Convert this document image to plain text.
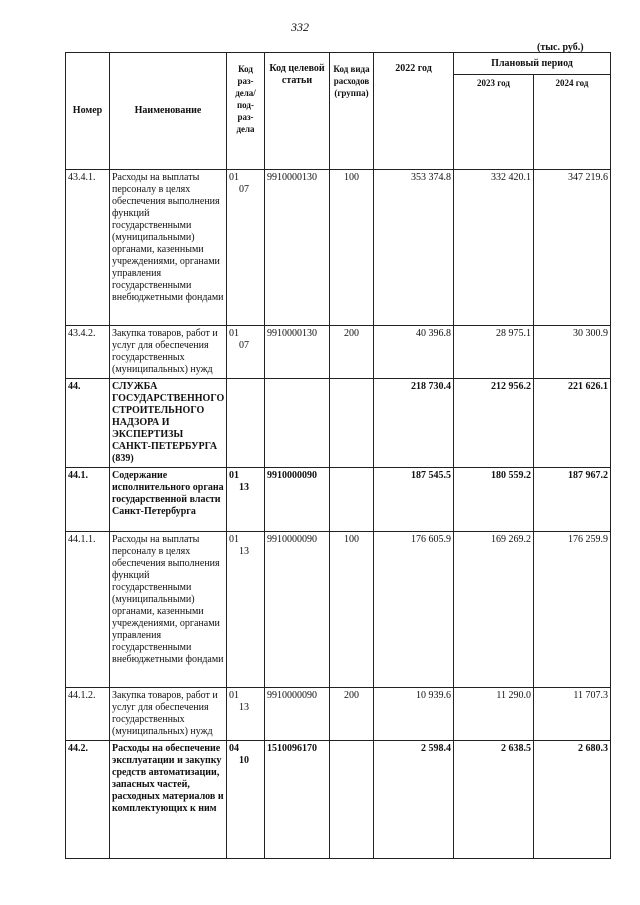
332
(тыс. руб.)
Номер	Наименование	Код раз-дела/ под-раз-дела	Код целевой статьи	Код вида расходов (группа)	2022 год	Плановый период	
						2023 год	2024 год
43.4.1.	Расходы на выплаты персоналу в целях обеспечения выполнения функций государственными (муниципальными) органами, казенными учреждениями, органами управления государственными внебюджетными фондами	0107	9910000130	100	353 374.8	332 420.1	347 219.6
43.4.2.	Закупка товаров, работ и услуг для обеспечения государственных (муниципальных) нужд	0107	9910000130	200	40 396.8	28 975.1	30 300.9
44.	СЛУЖБА ГОСУДАРСТВЕННОГО СТРОИТЕЛЬНОГО НАДЗОРА И ЭКСПЕРТИЗЫ САНКТ-ПЕТЕРБУРГА (839)				218 730.4	212 956.2	221 626.1
44.1.	Содержание исполнительного органа государственной власти Санкт-Петербурга	0113	9910000090		187 545.5	180 559.2	187 967.2
44.1.1.	Расходы на выплаты персоналу в целях обеспечения выполнения функций государственными (муниципальными) органами, казенными учреждениями, органами управления государственными внебюджетными фондами	0113	9910000090	100	176 605.9	169 269.2	176 259.9
44.1.2.	Закупка товаров, работ и услуг для обеспечения государственных (муниципальных) нужд	0113	9910000090	200	10 939.6	11 290.0	11 707.3
44.2.	Расходы на обеспечение эксплуатации и закупку средств автоматизации, запасных частей, расходных материалов и комплектующих к ним	0410	1510096170		2 598.4	2 638.5	2 680.3
